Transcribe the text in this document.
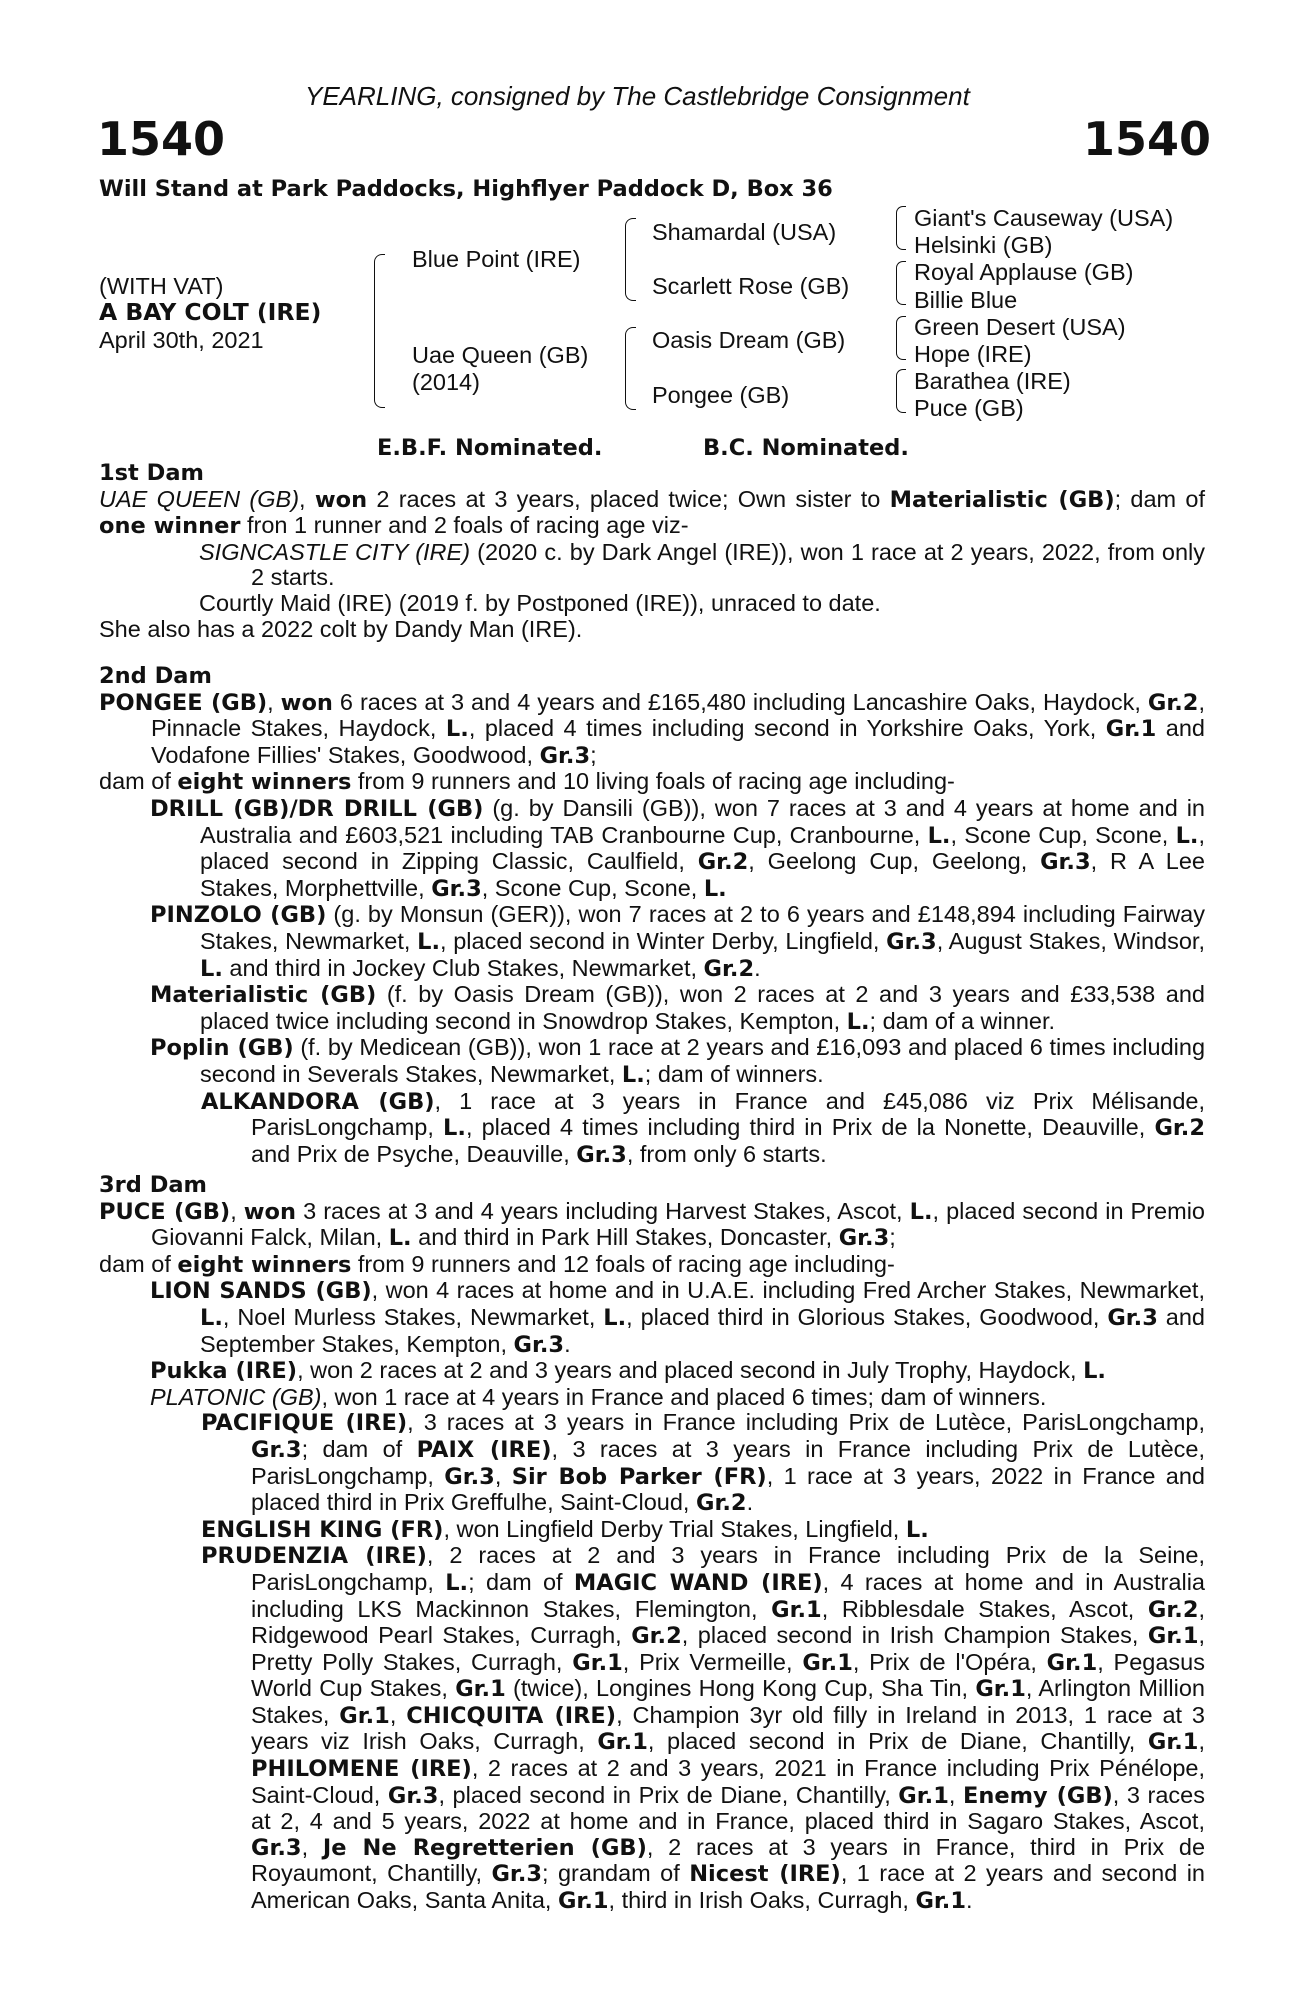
YEARLING, consigned by The Castlebridge Consignment
1540	1540
Will Stand at Park Paddocks, Highflyer Paddock D, Box 36
(WITH VAT)
A BAY COLT (IRE)
April 30th, 2021
Blue Point (IRE)
Uae Queen (GB)
(2014)
Shamardal (USA)
Scarlett Rose (GB)
Oasis Dream (GB)
Pongee (GB)
Giant's Causeway (USA)
Helsinki (GB)
Royal Applause (GB)
Billie Blue
Green Desert (USA)
Hope (IRE)
Barathea (IRE)
Puce (GB)
E.B.F. Nominated.	B.C. Nominated.
1st Dam

UAE QUEEN (GB), won 2 races at 3 years, placed twice; Own sister to Materialistic (GB); dam of one winner fron 1 runner and 2 foals of racing age viz-

SIGNCASTLE CITY (IRE) (2020 c. by Dark Angel (IRE)), won 1 race at 2 years, 2022, from only 2 starts.

Courtly Maid (IRE) (2019 f. by Postponed (IRE)), unraced to date.

She also has a 2022 colt by Dandy Man (IRE).

2nd Dam

PONGEE (GB), won 6 races at 3 and 4 years and £165,480 including Lancashire Oaks, Haydock, Gr.2, Pinnacle Stakes, Haydock, L., placed 4 times including second in Yorkshire Oaks, York, Gr.1 and Vodafone Fillies' Stakes, Goodwood, Gr.3;

dam of eight winners from 9 runners and 10 living foals of racing age including-

DRILL (GB)/DR DRILL (GB) (g. by Dansili (GB)), won 7 races at 3 and 4 years at home and in Australia and £603,521 including TAB Cranbourne Cup, Cranbourne, L., Scone Cup, Scone, L., placed second in Zipping Classic, Caulfield, Gr.2, Geelong Cup, Geelong, Gr.3, R A Lee Stakes, Morphettville, Gr.3, Scone Cup, Scone, L.

PINZOLO (GB) (g. by Monsun (GER)), won 7 races at 2 to 6 years and £148,894 including Fairway Stakes, Newmarket, L., placed second in Winter Derby, Lingfield, Gr.3, August Stakes, Windsor, L. and third in Jockey Club Stakes, Newmarket, Gr.2.

Materialistic (GB) (f. by Oasis Dream (GB)), won 2 races at 2 and 3 years and £33,538 and placed twice including second in Snowdrop Stakes, Kempton, L.; dam of a winner.

Poplin (GB) (f. by Medicean (GB)), won 1 race at 2 years and £16,093 and placed 6 times including second in Severals Stakes, Newmarket, L.; dam of winners.

ALKANDORA (GB), 1 race at 3 years in France and £45,086 viz Prix Mélisande, ParisLongchamp, L., placed 4 times including third in Prix de la Nonette, Deauville, Gr.2 and Prix de Psyche, Deauville, Gr.3, from only 6 starts.

3rd Dam

PUCE (GB), won 3 races at 3 and 4 years including Harvest Stakes, Ascot, L., placed second in Premio Giovanni Falck, Milan, L. and third in Park Hill Stakes, Doncaster, Gr.3;

dam of eight winners from 9 runners and 12 foals of racing age including-

LION SANDS (GB), won 4 races at home and in U.A.E. including Fred Archer Stakes, Newmarket, L., Noel Murless Stakes, Newmarket, L., placed third in Glorious Stakes, Goodwood, Gr.3 and September Stakes, Kempton, Gr.3.

Pukka (IRE), won 2 races at 2 and 3 years and placed second in July Trophy, Haydock, L.

PLATONIC (GB), won 1 race at 4 years in France and placed 6 times; dam of winners.

PACIFIQUE (IRE), 3 races at 3 years in France including Prix de Lutèce, ParisLongchamp, Gr.3; dam of PAIX (IRE), 3 races at 3 years in France including Prix de Lutèce, ParisLongchamp, Gr.3, Sir Bob Parker (FR), 1 race at 3 years, 2022 in France and placed third in Prix Greffulhe, Saint-Cloud, Gr.2.

ENGLISH KING (FR), won Lingfield Derby Trial Stakes, Lingfield, L.

PRUDENZIA (IRE), 2 races at 2 and 3 years in France including Prix de la Seine, ParisLongchamp, L.; dam of MAGIC WAND (IRE), 4 races at home and in Australia including LKS Mackinnon Stakes, Flemington, Gr.1, Ribblesdale Stakes, Ascot, Gr.2, Ridgewood Pearl Stakes, Curragh, Gr.2, placed second in Irish Champion Stakes, Gr.1, Pretty Polly Stakes, Curragh, Gr.1, Prix Vermeille, Gr.1, Prix de l'Opéra, Gr.1, Pegasus World Cup Stakes, Gr.1 (twice), Longines Hong Kong Cup, Sha Tin, Gr.1, Arlington Million Stakes, Gr.1, CHICQUITA (IRE), Champion 3yr old filly in Ireland in 2013, 1 race at 3 years viz Irish Oaks, Curragh, Gr.1, placed second in Prix de Diane, Chantilly, Gr.1, PHILOMENE (IRE), 2 races at 2 and 3 years, 2021 in France including Prix Pénélope, Saint-Cloud, Gr.3, placed second in Prix de Diane, Chantilly, Gr.1, Enemy (GB), 3 races at 2, 4 and 5 years, 2022 at home and in France, placed third in Sagaro Stakes, Ascot, Gr.3, Je Ne Regretterien (GB), 2 races at 3 years in France, third in Prix de Royaumont, Chantilly, Gr.3; grandam of Nicest (IRE), 1 race at 2 years and second in American Oaks, Santa Anita, Gr.1, third in Irish Oaks, Curragh, Gr.1.
